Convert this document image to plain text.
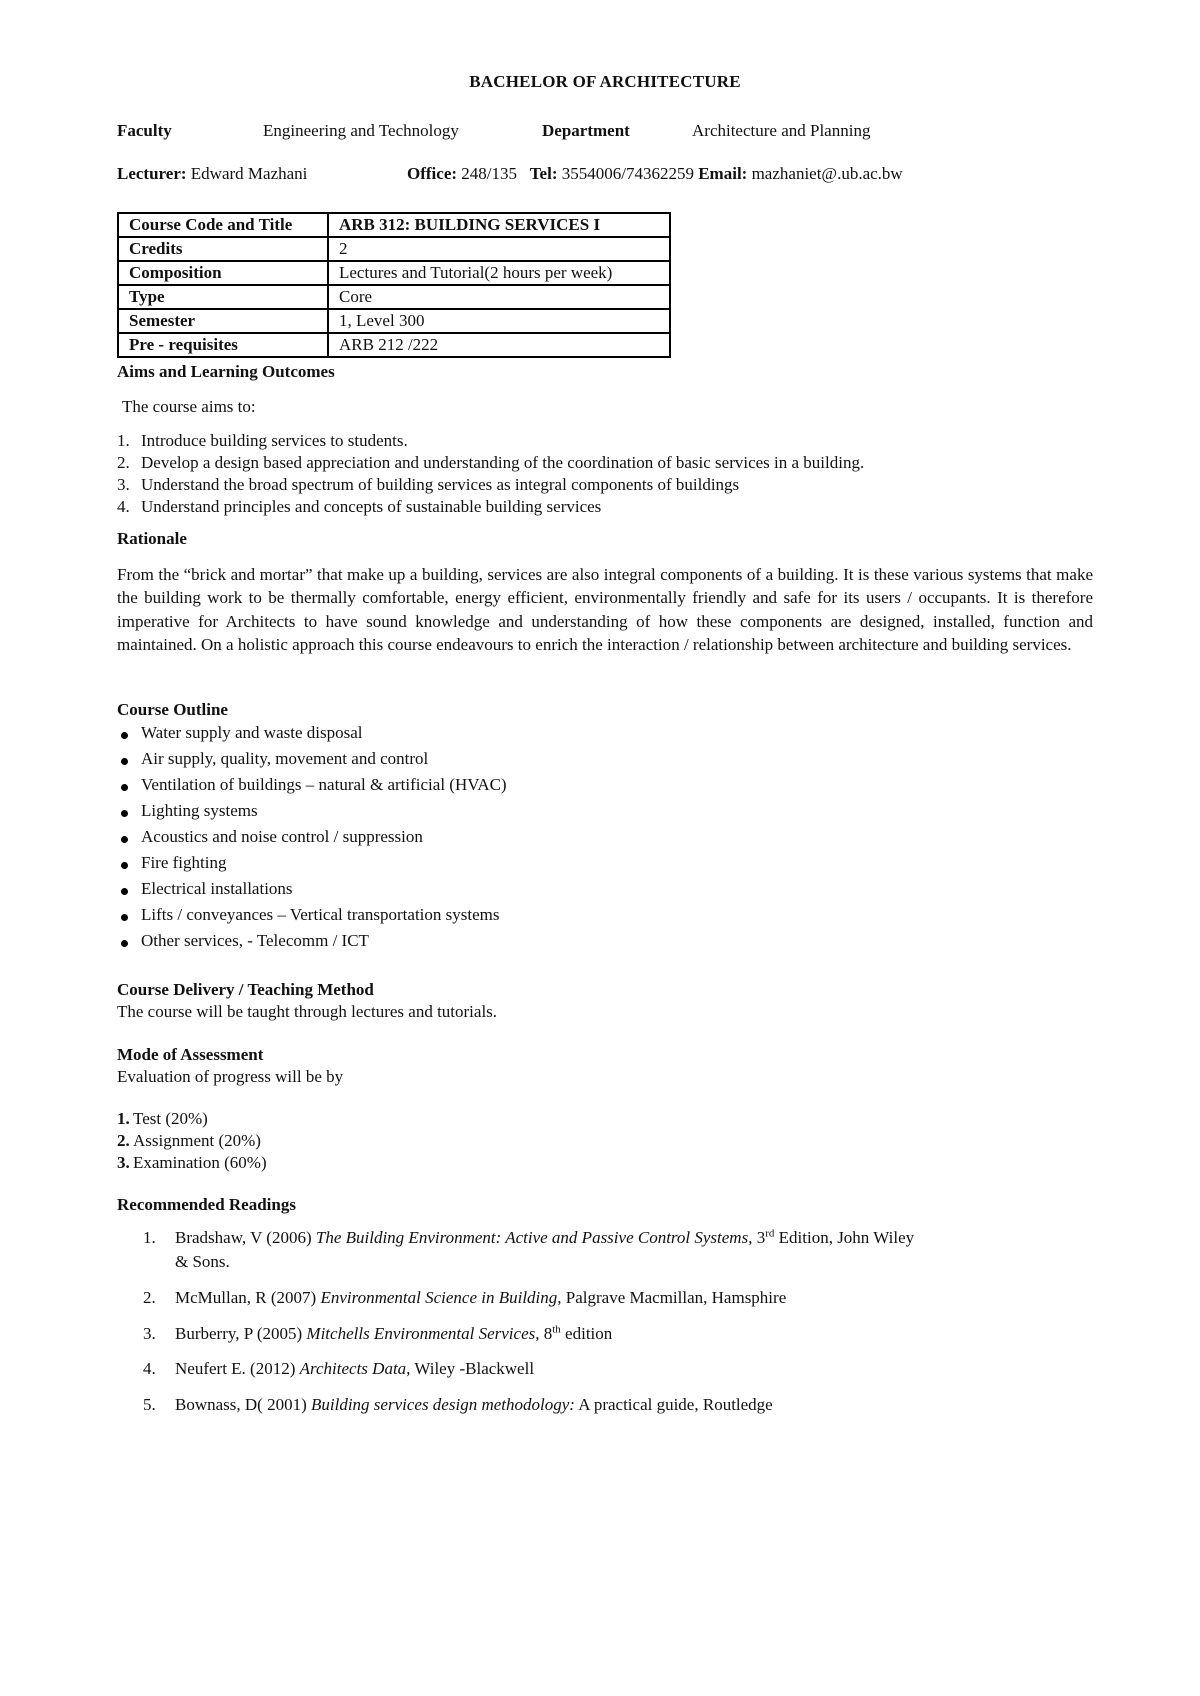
BACHELOR OF ARCHITECTURE
Faculty	Engineering and Technology	Department	Architecture and Planning
Lecturer: Edward Mazhani	Office: 248/135 Tel: 3554006/74362259 Email: mazhaniet@.ub.ac.bw
Course Code and Title	ARB 312: BUILDING SERVICES I
Credits	2
Composition	Lectures and Tutorial(2 hours per week)
Type	Core
Semester	1, Level 300
Pre - requisites	ARB 212 /222
Aims and Learning Outcomes
The course aims to:
1. Introduce building services to students.
2. Develop a design based appreciation and understanding of the coordination of basic services in a building.
3. Understand the broad spectrum of building services as integral components of buildings
4. Understand principles and concepts of sustainable building services
Rationale
From the “brick and mortar” that make up a building, services are also integral components of a building. It is these various systems that make the building work to be thermally comfortable, energy efficient, environmentally friendly and safe for its users / occupants. It is therefore imperative for Architects to have sound knowledge and understanding of how these components are designed, installed, function and maintained. On a holistic approach this course endeavours to enrich the interaction / relationship between architecture and building services.
Course Outline
Water supply and waste disposal
Air supply, quality, movement and control
Ventilation of buildings – natural & artificial (HVAC)
Lighting systems
Acoustics and noise control / suppression
Fire fighting
Electrical installations
Lifts / conveyances – Vertical transportation systems
Other services, - Telecomm / ICT
Course Delivery / Teaching Method
The course will be taught through lectures and tutorials.
Mode of Assessment
Evaluation of progress will be by
1. Test (20%)
2. Assignment (20%)
3. Examination (60%)
Recommended Readings
1. Bradshaw, V (2006) The Building Environment: Active and Passive Control Systems, 3rd Edition, John Wiley
& Sons.
2. McMullan, R (2007) Environmental Science in Building, Palgrave Macmillan, Hamsphire
3. Burberry, P (2005) Mitchells Environmental Services, 8th edition
4. Neufert E. (2012) Architects Data, Wiley -Blackwell
5. Bownass, D( 2001) Building services design methodology: A practical guide, Routledge
